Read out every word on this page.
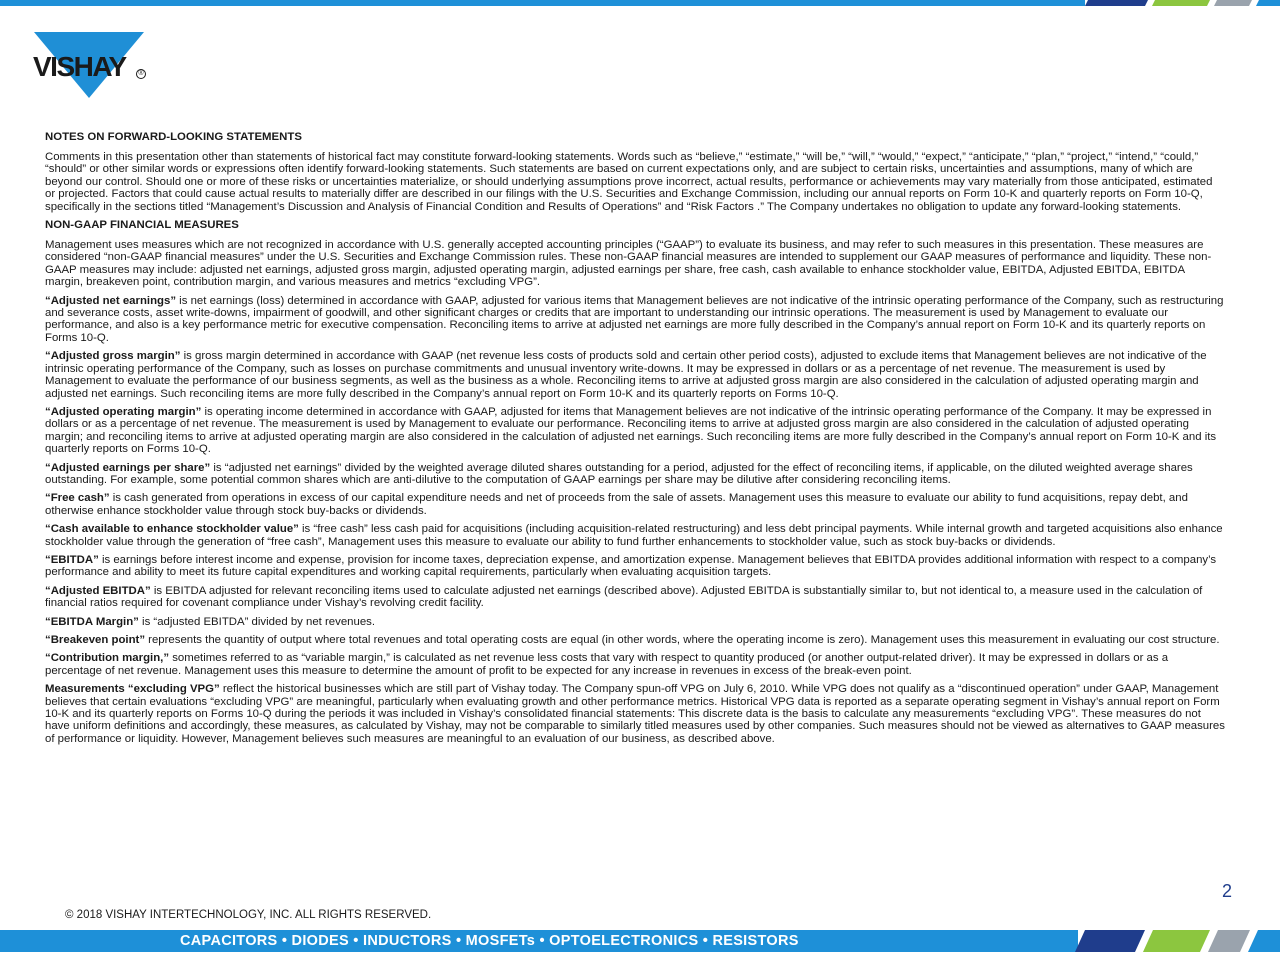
VISHAY	®
NOTES ON FORWARD-LOOKING STATEMENTS

Comments in this presentation other than statements of historical fact may constitute forward-looking statements. Words such as “believe,” “estimate,” “will be,” “will,” “would,” “expect,” “anticipate,” “plan,” “project,” “intend,” “could,” “should” or other similar words or expressions often identify forward-looking statements. Such statements are based on current expectations only, and are subject to certain risks, uncertainties and assumptions, many of which are beyond our control. Should one or more of these risks or uncertainties materialize, or should underlying assumptions prove incorrect, actual results, performance or achievements may vary materially from those anticipated, estimated or projected. Factors that could cause actual results to materially differ are described in our filings with the U.S. Securities and Exchange Commission, including our annual reports on Form 10-K and quarterly reports on Form 10-Q, specifically in the sections titled “Management’s Discussion and Analysis of Financial Condition and Results of Operations” and “Risk Factors .” The Company undertakes no obligation to update any forward-looking statements.

NON-GAAP FINANCIAL MEASURES

Management uses measures which are not recognized in accordance with U.S. generally accepted accounting principles (“GAAP”) to evaluate its business, and may refer to such measures in this presentation. These measures are considered “non-GAAP financial measures” under the U.S. Securities and Exchange Commission rules. These non-GAAP financial measures are intended to supplement our GAAP measures of performance and liquidity. These non-GAAP measures may include: adjusted net earnings, adjusted gross margin, adjusted operating margin, adjusted earnings per share, free cash, cash available to enhance stockholder value, EBITDA, Adjusted EBITDA, EBITDA margin, breakeven point, contribution margin, and various measures and metrics “excluding VPG”.

“Adjusted net earnings” is net earnings (loss) determined in accordance with GAAP, adjusted for various items that Management believes are not indicative of the intrinsic operating performance of the Company, such as restructuring and severance costs, asset write-downs, impairment of goodwill, and other significant charges or credits that are important to understanding our intrinsic operations. The measurement is used by Management to evaluate our performance, and also is a key performance metric for executive compensation. Reconciling items to arrive at adjusted net earnings are more fully described in the Company’s annual report on Form 10-K and its quarterly reports on Forms 10-Q.

“Adjusted gross margin” is gross margin determined in accordance with GAAP (net revenue less costs of products sold and certain other period costs), adjusted to exclude items that Management believes are not indicative of the intrinsic operating performance of the Company, such as losses on purchase commitments and unusual inventory write-downs. It may be expressed in dollars or as a percentage of net revenue. The measurement is used by Management to evaluate the performance of our business segments, as well as the business as a whole. Reconciling items to arrive at adjusted gross margin are also considered in the calculation of adjusted operating margin and adjusted net earnings. Such reconciling items are more fully described in the Company’s annual report on Form 10-K and its quarterly reports on Forms 10-Q.

“Adjusted operating margin” is operating income determined in accordance with GAAP, adjusted for items that Management believes are not indicative of the intrinsic operating performance of the Company. It may be expressed in dollars or as a percentage of net revenue. The measurement is used by Management to evaluate our performance. Reconciling items to arrive at adjusted gross margin are also considered in the calculation of adjusted operating margin; and reconciling items to arrive at adjusted operating margin are also considered in the calculation of adjusted net earnings. Such reconciling items are more fully described in the Company’s annual report on Form 10-K and its quarterly reports on Forms 10-Q.

“Adjusted earnings per share” is “adjusted net earnings” divided by the weighted average diluted shares outstanding for a period, adjusted for the effect of reconciling items, if applicable, on the diluted weighted average shares outstanding. For example, some potential common shares which are anti-dilutive to the computation of GAAP earnings per share may be dilutive after considering reconciling items.

“Free cash” is cash generated from operations in excess of our capital expenditure needs and net of proceeds from the sale of assets. Management uses this measure to evaluate our ability to fund acquisitions, repay debt, and otherwise enhance stockholder value through stock buy-backs or dividends.

“Cash available to enhance stockholder value” is “free cash” less cash paid for acquisitions (including acquisition-related restructuring) and less debt principal payments. While internal growth and targeted acquisitions also enhance stockholder value through the generation of “free cash”, Management uses this measure to evaluate our ability to fund further enhancements to stockholder value, such as stock buy-backs or dividends.

“EBITDA” is earnings before interest income and expense, provision for income taxes, depreciation expense, and amortization expense. Management believes that EBITDA provides additional information with respect to a company’s performance and ability to meet its future capital expenditures and working capital requirements, particularly when evaluating acquisition targets.

“Adjusted EBITDA” is EBITDA adjusted for relevant reconciling items used to calculate adjusted net earnings (described above). Adjusted EBITDA is substantially similar to, but not identical to, a measure used in the calculation of financial ratios required for covenant compliance under Vishay’s revolving credit facility.

“EBITDA Margin” is “adjusted EBITDA” divided by net revenues.

“Breakeven point” represents the quantity of output where total revenues and total operating costs are equal (in other words, where the operating income is zero). Management uses this measurement in evaluating our cost structure.

“Contribution margin,” sometimes referred to as “variable margin,” is calculated as net revenue less costs that vary with respect to quantity produced (or another output-related driver). It may be expressed in dollars or as a percentage of net revenue. Management uses this measure to determine the amount of profit to be expected for any increase in revenues in excess of the break-even point.

Measurements “excluding VPG” reflect the historical businesses which are still part of Vishay today. The Company spun-off VPG on July 6, 2010. While VPG does not qualify as a “discontinued operation” under GAAP, Management believes that certain evaluations “excluding VPG” are meaningful, particularly when evaluating growth and other performance metrics. Historical VPG data is reported as a separate operating segment in Vishay’s annual report on Form 10-K and its quarterly reports on Forms 10-Q during the periods it was included in Vishay’s consolidated financial statements: This discrete data is the basis to calculate any measurements “excluding VPG”. These measures do not have uniform definitions and accordingly, these measures, as calculated by Vishay, may not be comparable to similarly titled measures used by other companies. Such measures should not be viewed as alternatives to GAAP measures of performance or liquidity. However, Management believes such measures are meaningful to an evaluation of our business, as described above.

2
© 2018 VISHAY INTERTECHNOLOGY, INC. ALL RIGHTS RESERVED.
CAPACITORS • DIODES • INDUCTORS • MOSFETs • OPTOELECTRONICS • RESISTORS
